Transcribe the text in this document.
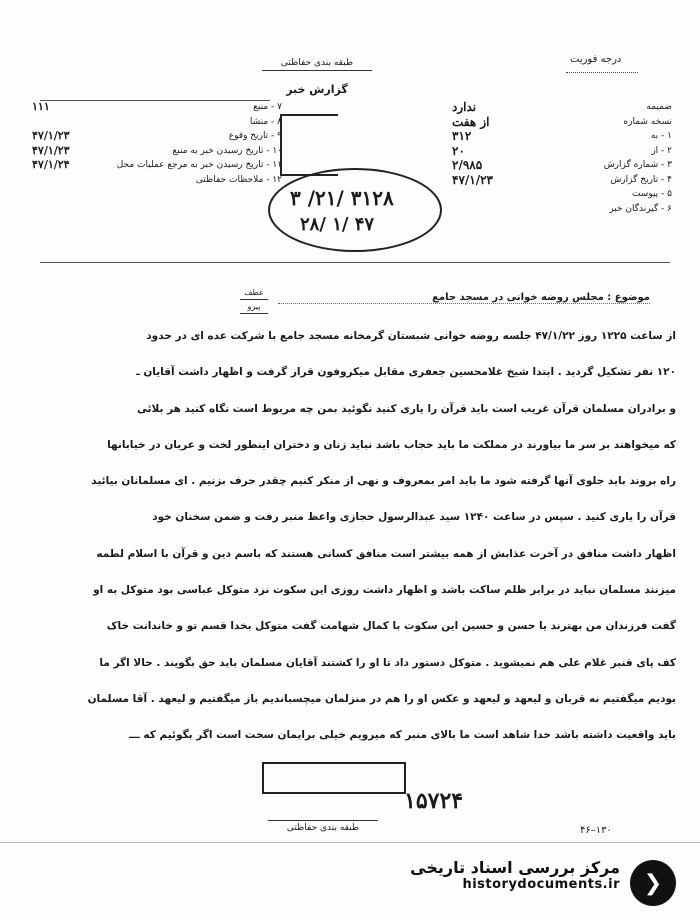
طبقه بندی حفاظتی
گزارش خبر
درجه فوریت
۷ - منبع
۱۱۱
۸ - منشا
۹ - تاریخ وقوع
۴۷/۱/۲۳
۱۰ - تاریخ رسیدن خبر به منبع
۴۷/۱/۲۳
۱۱ - تاریخ رسیدن خبر به مرجع عملیات محل
۴۷/۱/۲۴
۱۲ - ملاحظات حفاظتی
ضمیمه
ندارد
نسخه شماره
از هفت
۱ - به
۳۱۲
۲ - از
۲۰
۳ - شماره گزارش
۲/۹۸۵
۴ - تاریخ گزارش
۴۷/۱/۲۳
۵ - پیوست
۶ - گیرندگان خبر
۳۱۲۸ /۲۱/ ۳
۴۷ /۱ /۲۸
عطف
پیرو
موضوع : مجلس روضه خوانی در مسجد جامع
از ساعت ۱۲۲۵ روز ۴۷/۱/۲۲ جلسه روضه خوانی شبستان گرمخانه مسجد جامع با شرکت عده ای در حدود
۱۲۰ نفر تشکیل گردید . ابتدا شیخ غلامحسین جعفری مقابل میکروفون قرار گرفت و اظهار داشت آقایان ـ
و برادران مسلمان قرآن غریب است باید قرآن را یاری کنید نگوئید بمن چه مربوط است نگاه کنید هر بلائی
که میخواهند بر سر ما بیاورند در مملکت ما باید حجاب باشد نباید زنان و دختران اینطور لخت و عریان در خیابانها
راه بروند باید جلوی آنها گرفته شود ما باید امر بمعروف و نهی از منکر کنیم چقدر حرف بزنیم . ای مسلمانان بیائید
قرآن را یاری کنید . سپس در ساعت ۱۲۴۰ سید عبدالرسول حجازی واعظ منبر رفت و ضمن سخنان خود
اظهار داشت منافق در آخرت عذابش از همه بیشتر است منافق کسانی هستند که باسم دین و قرآن با اسلام لطمه
میزنند مسلمان نباید در برابر ظلم ساکت باشد و اظهار داشت روزی این سکوت نزد متوکل عباسی بود متوکل به او
گفت فرزندان من بهترند یا حسن و حسین این سکوت با کمال شهامت گفت متوکل بخدا قسم تو و خاندانت خاک
کف پای قنبر غلام علی هم نمیشوید . متوکل دستور داد تا او را کشتند آقایان مسلمان باید حق بگویند . حالا اگر ما
بودیم میگفتیم نه قربان و لیعهد و لیعهد و عکس او را هم در منزلمان میچسباندیم باز میگفتیم و لیعهد . آقا مسلمان
باید واقعیت داشته باشد خدا شاهد است ما بالای منبر که میرویم خیلی برایمان سخت است اگر بگوئیم که ـــ
۱۵۷۲۴
طبقه بندی حفاظتی	۴۶–۱۳۰
مرکز بررسی اسناد تاریخی
historydocuments.ir ❯
